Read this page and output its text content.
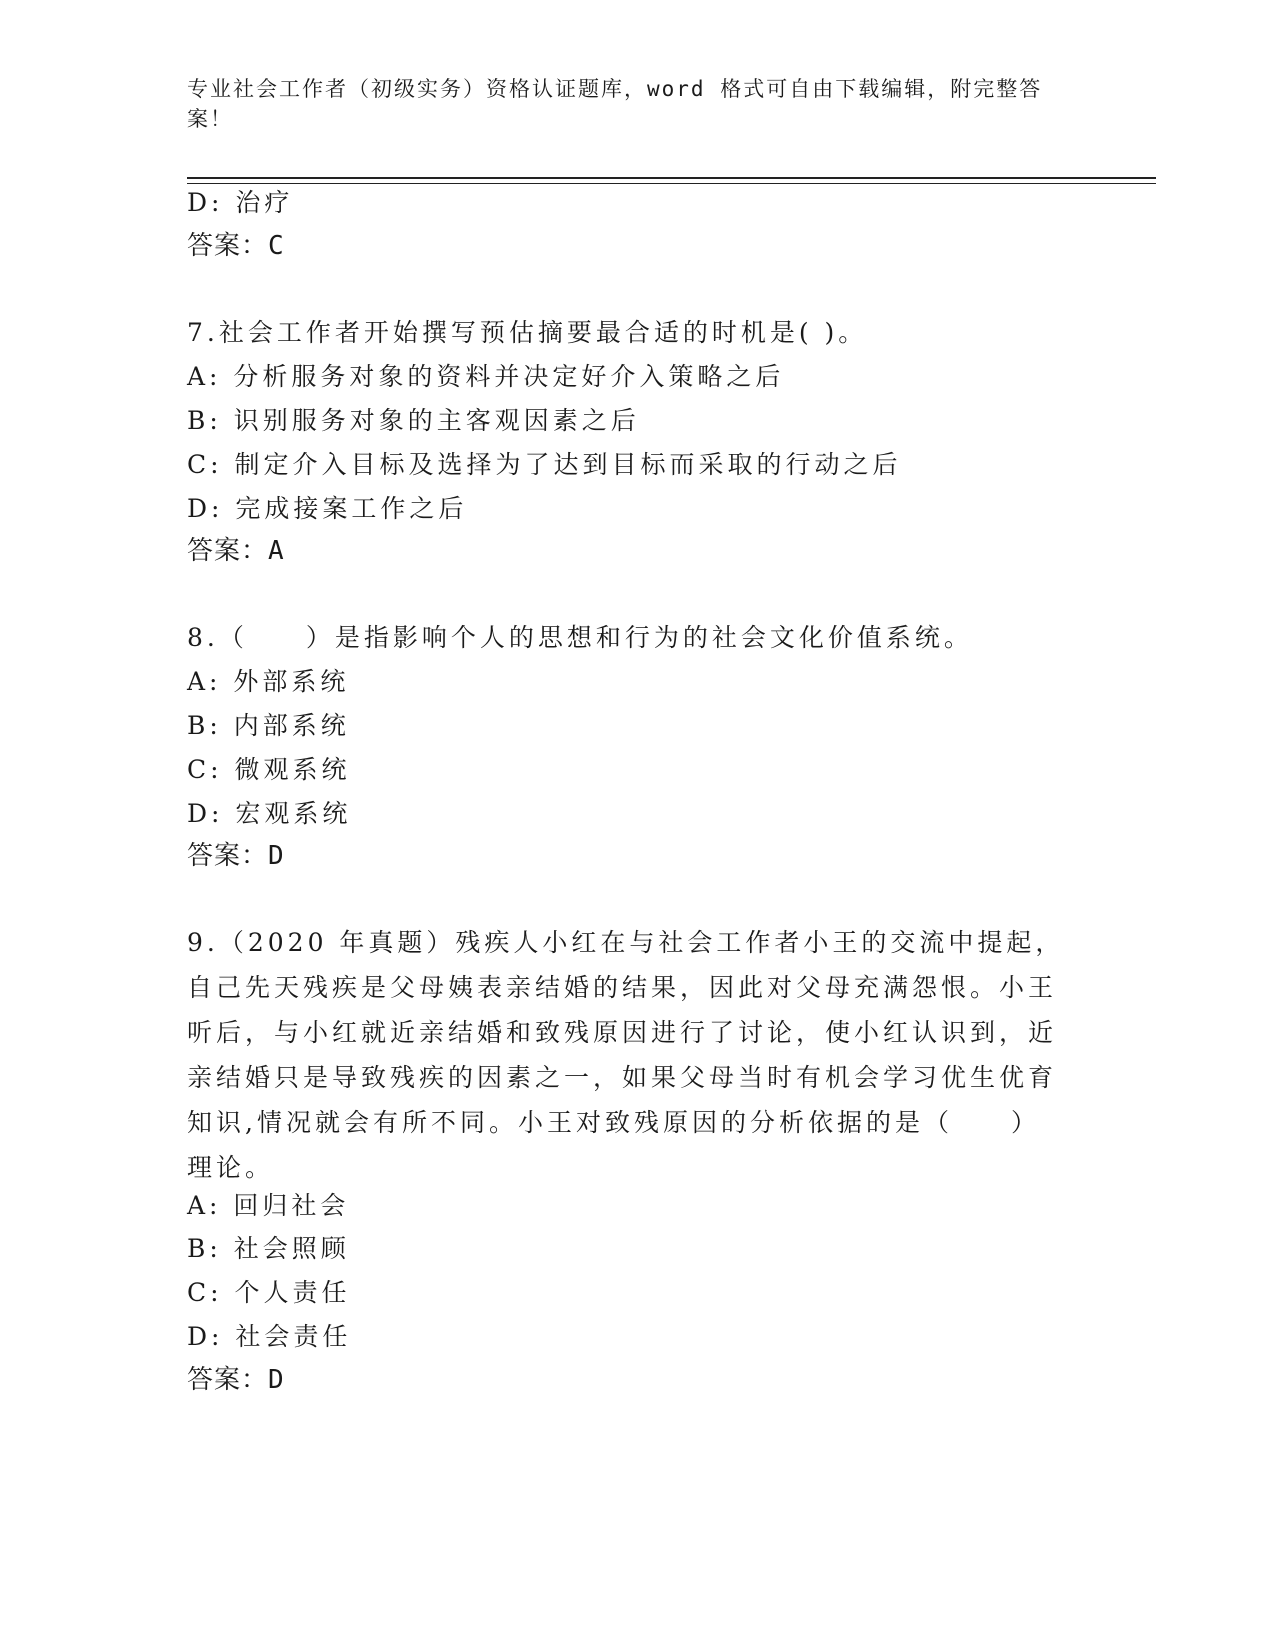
专业社会工作者（初级实务）资格认证题库，word 格式可自由下载编辑，附完整答案！
D: 治疗
答案：C
7.社会工作者开始撰写预估摘要最合适的时机是( )。
A: 分析服务对象的资料并决定好介入策略之后
B: 识别服务对象的主客观因素之后
C: 制定介入目标及选择为了达到目标而采取的行动之后
D: 完成接案工作之后
答案：A
8.（　　）是指影响个人的思想和行为的社会文化价值系统。
A: 外部系统
B: 内部系统
C: 微观系统
D: 宏观系统
答案：D
9.（2020 年真题）残疾人小红在与社会工作者小王的交流中提起，自己先天残疾是父母姨表亲结婚的结果，因此对父母充满怨恨。小王听后，与小红就近亲结婚和致残原因进行了讨论，使小红认识到，近亲结婚只是导致残疾的因素之一，如果父母当时有机会学习优生优育知识,情况就会有所不同。小王对致残原因的分析依据的是（　　）理论。
A: 回归社会
B: 社会照顾
C: 个人责任
D: 社会责任
答案：D
